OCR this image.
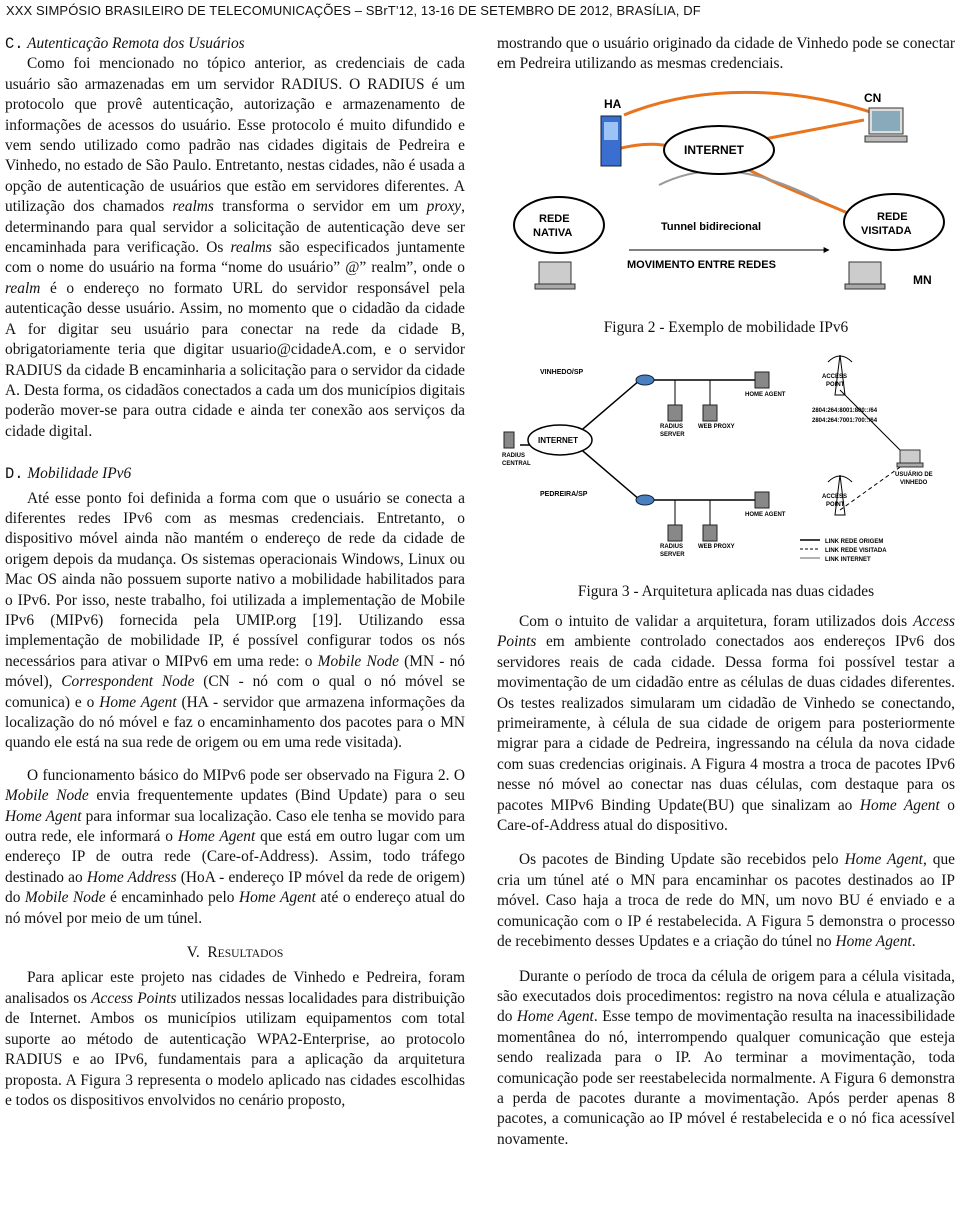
XXX SIMPÓSIO BRASILEIRO DE TELECOMUNICAÇÕES – SBrT’12, 13-16 DE SETEMBRO DE 2012, BRASÍLIA, DF
C. Autenticação Remota dos Usuários

Como foi mencionado no tópico anterior, as credenciais de cada usuário são armazenadas em um servidor RADIUS. O RADIUS é um protocolo que provê autenticação, autorização e armazenamento de informações de acessos do usuário. Esse protocolo é muito difundido e vem sendo utilizado como padrão nas cidades digitais de Pedreira e Vinhedo, no estado de São Paulo. Entretanto, nestas cidades, não é usada a opção de autenticação de usuários que estão em servidores diferentes. A utilização dos chamados realms transforma o servidor em um proxy, determinando para qual servidor a solicitação de autenticação deve ser encaminhada para verificação. Os realms são especificados juntamente com o nome do usuário na forma “nome do usuário” @” realm”, onde o realm é o endereço no formato URL do servidor responsável pela autenticação desse usuário. Assim, no momento que o cidadão da cidade A for digitar seu usuário para conectar na rede da cidade B, obrigatoriamente teria que digitar usuario@cidadeA.com, e o servidor RADIUS da cidade B encaminharia a solicitação para o servidor da cidade A. Desta forma, os cidadãos conectados a cada um dos municípios digitais poderão mover-se para outra cidade e ainda ter conexão aos serviços da cidade digital.

D. Mobilidade IPv6

Até esse ponto foi definida a forma com que o usuário se conecta a diferentes redes IPv6 com as mesmas credenciais. Entretanto, o dispositivo móvel ainda não mantém o endereço de rede da cidade de origem depois da mudança. Os sistemas operacionais Windows, Linux ou Mac OS ainda não possuem suporte nativo a mobilidade habilitados para o IPv6. Por isso, neste trabalho, foi utilizada a implementação de Mobile IPv6 (MIPv6) fornecida pela UMIP.org [19]. Utilizando essa implementação de mobilidade IP, é possível configurar todos os nós necessários para ativar o MIPv6 em uma rede: o Mobile Node (MN - nó móvel), Correspondent Node (CN - nó com o qual o nó móvel se comunica) e o Home Agent (HA - servidor que armazena informações da localização do nó móvel e faz o encaminhamento dos pacotes para o MN quando ele está na sua rede de origem ou em uma rede visitada).

O funcionamento básico do MIPv6 pode ser observado na Figura 2. O Mobile Node envia frequentemente updates (Bind Update) para o seu Home Agent para informar sua localização. Caso ele tenha se movido para outra rede, ele informará o Home Agent que está em outro lugar com um endereço IP de outra rede (Care-of-Address). Assim, todo tráfego destinado ao Home Address (HoA - endereço IP móvel da rede de origem) do Mobile Node é encaminhado pelo Home Agent até o endereço atual do nó móvel por meio de um túnel.

V. RESULTADOS

Para aplicar este projeto nas cidades de Vinhedo e Pedreira, foram analisados os Access Points utilizados nessas localidades para distribuição de Internet. Ambos os municípios utilizam equipamentos com total suporte ao método de autenticação WPA2-Enterprise, ao protocolo RADIUS e ao IPv6, fundamentais para a aplicação da arquitetura proposta. A Figura 3 representa o modelo aplicado nas cidades escolhidas e todos os dispositivos envolvidos no cenário proposto,

mostrando que o usuário originado da cidade de Vinhedo pode se conectar em Pedreira utilizando as mesmas credenciais.

HA	CN
INTERNET
REDE
NATIVA
REDE
VISITADA
Tunnel bidirecional
MOVIMENTO ENTRE REDES
MN
Figura 2 - Exemplo de mobilidade IPv6
VINHEDO/SP
PEDREIRA/SP
INTERNET
RADIUS
CENTRAL
HOME AGENT
HOME AGENT
RADIUS
SERVER
WEB PROXY
RADIUS
SERVER
WEB PROXY
ACCESS
POINT
ACCESS
POINT
2804:264:8001:800::/64
2804:264:7001:700::/64
USUÁRIO DE
VINHEDO
LINK REDE ORIGEM
LINK REDE VISITADA
LINK INTERNET
Figura 3 - Arquitetura aplicada nas duas cidades

Com o intuito de validar a arquitetura, foram utilizados dois Access Points em ambiente controlado conectados aos endereços IPv6 dos servidores reais de cada cidade. Dessa forma foi possível testar a movimentação de um cidadão entre as células de duas cidades diferentes. Os testes realizados simularam um cidadão de Vinhedo se conectando, primeiramente, à célula de sua cidade de origem para posteriormente migrar para a cidade de Pedreira, ingressando na célula da nova cidade com suas credencias originais. A Figura 4 mostra a troca de pacotes IPv6 nesse nó móvel ao conectar nas duas células, com destaque para os pacotes MIPv6 Binding Update(BU) que sinalizam ao Home Agent o Care-of-Address atual do dispositivo.

Os pacotes de Binding Update são recebidos pelo Home Agent, que cria um túnel até o MN para encaminhar os pacotes destinados ao IP móvel. Caso haja a troca de rede do MN, um novo BU é enviado e a comunicação com o IP é restabelecida. A Figura 5 demonstra o processo de recebimento desses Updates e a criação do túnel no Home Agent.

Durante o período de troca da célula de origem para a célula visitada, são executados dois procedimentos: registro na nova célula e atualização do Home Agent. Esse tempo de movimentação resulta na inacessibilidade momentânea do nó, interrompendo qualquer comunicação que esteja sendo realizada para o IP. Ao terminar a movimentação, toda comunicação pode ser reestabelecida normalmente. A Figura 6 demonstra a perda de pacotes durante a movimentação. Após perder apenas 8 pacotes, a comunicação ao IP móvel é restabelecida e o nó fica acessível novamente.
